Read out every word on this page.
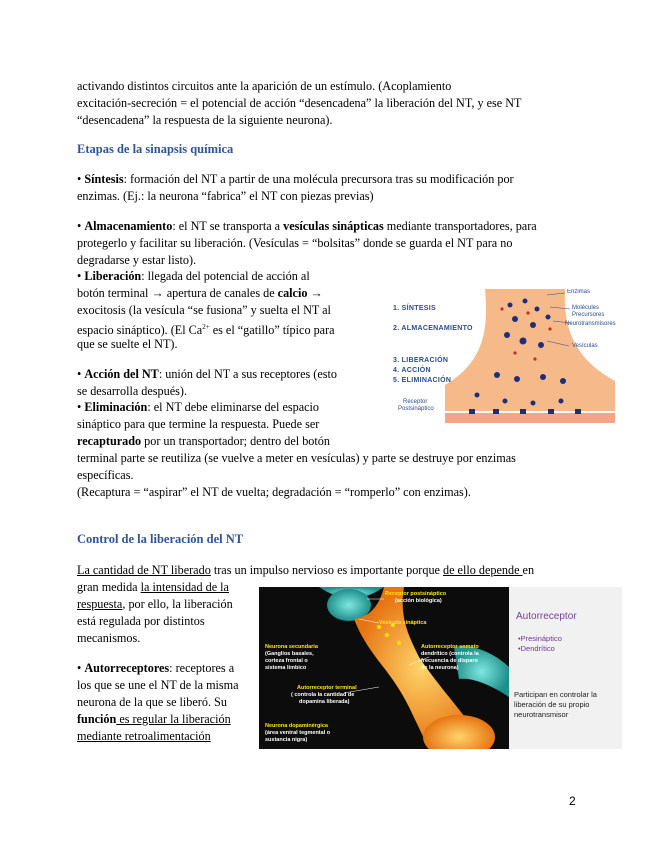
activando distintos circuitos ante la aparición de un estímulo. (Acoplamiento
excitación-secreción = el potencial de acción “desencadena” la liberación del NT, y ese NT
“desencadena” la respuesta de la siguiente neurona).
Etapas de la sinapsis química
• Síntesis: formación del NT a partir de una molécula precursora tras su modificación por
enzimas. (Ej.: la neurona “fabrica” el NT con piezas previas)
• Almacenamiento: el NT se transporta a vesículas sinápticas mediante transportadores, para
protegerlo y facilitar su liberación. (Vesículas = “bolsitas” donde se guarda el NT para no
degradarse y estar listo).
• Liberación: llegada del potencial de acción al
botón terminal → apertura de canales de calcio →
exocitosis (la vesícula “se fusiona” y suelta el NT al
espacio sináptico). (El $Ca^{2+}$ es el “gatillo” típico para
que se suelte el NT).
• Acción del NT: unión del NT a sus receptores (esto
se desarrolla después).
• Eliminación: el NT debe eliminarse del espacio
sináptico para que termine la respuesta. Puede ser
recapturado por un transportador; dentro del botón
terminal parte se reutiliza (se vuelve a meter en vesículas) y parte se destruye por enzimas
específicas.
(Recaptura = “aspirar” el NT de vuelta; degradación = “romperlo” con enzimas).
1. SÍNTESIS
2. ALMACENAMIENTO
3. LIBERACIÓN
4. ACCIÓN
5. ELIMINACIÓN
Enzimas
Molécules
Precursores
Neurotransmisores
Vesículas
Receptor
Postsináptico
Control de la liberación del NT
La cantidad de NT liberado tras un impulso nervioso es importante porque de ello depende en
gran medida la intensidad de la
respuesta, por ello, la liberación
está regulada por distintos
mecanismos.
• Autorreceptores: receptores a
los que se une el NT de la misma
neurona de la que se liberó. Su
función es regular la liberación
mediante retroalimentación
Receptor postsináptico
(acción biológica)
Vesícula sináptica
Neurona secundaria
(Ganglios basales,
corteza frontal o
sistema límbico
Autorreceptor somato
dendrítico (controla la
frecuencia de disparo
de la neurona)
Autorreceptor terminal
( controla la cantidad de
dopamina liberada)
Neurona dopaminérgica
(área ventral tegmental o
sustancia nigra)
Autorreceptor
•Presináptico
•Dendrítico
Participan en controlar la
liberación de su propio
neurotransmisor
2
